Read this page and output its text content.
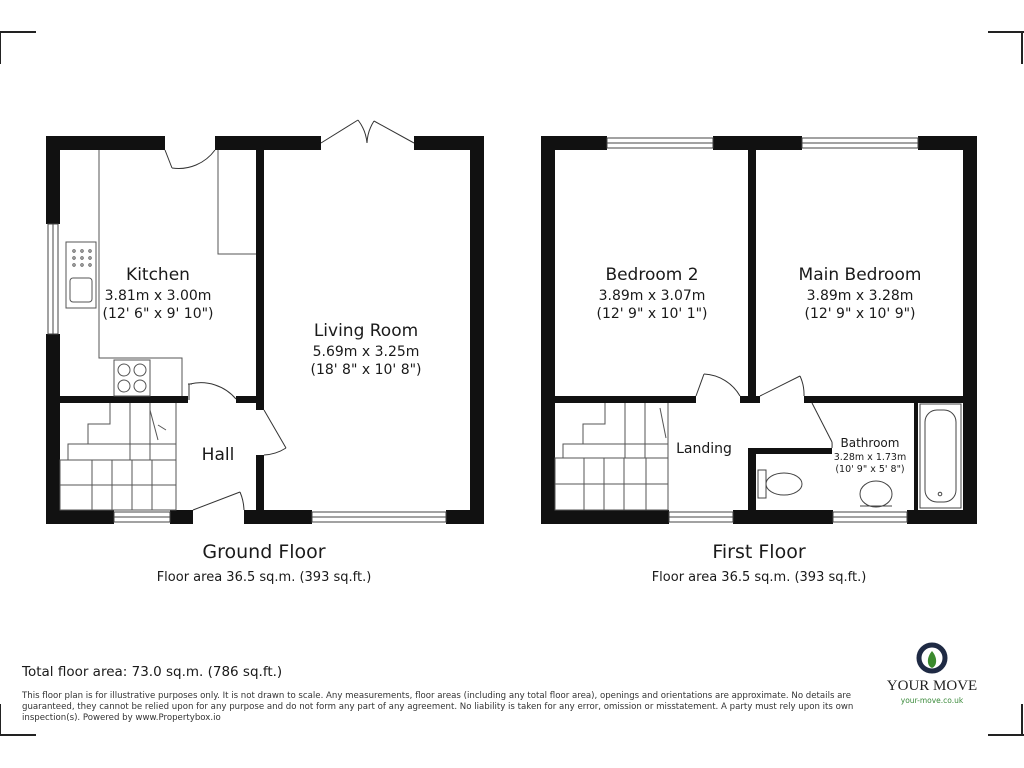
Kitchen
3.81m x 3.00m
(12' 6" x 9' 10")
Living Room
5.69m x 3.25m
(18' 8" x 10' 8")
Hall
Ground Floor
Floor area 36.5 sq.m. (393 sq.ft.)
Bedroom 2
3.89m x 3.07m
(12' 9" x 10' 1")
Main Bedroom
3.89m x 3.28m
(12' 9" x 10' 9")
Landing	Bathroom
3.28m x 1.73m
(10' 9" x 5' 8")
First Floor
Floor area 36.5 sq.m. (393 sq.ft.)
Total floor area: 73.0 sq.m. (786 sq.ft.)
This floor plan is for illustrative purposes only. It is not drawn to scale. Any measurements, floor areas (including any total floor area), openings and orientations are approximate. No details are
guaranteed, they cannot be relied upon for any purpose and do not form any part of any agreement. No liability is taken for any error, omission or misstatement. A party must rely upon its own
inspection(s). Powered by www.Propertybox.io
YOUR MOVE
your-move.co.uk
